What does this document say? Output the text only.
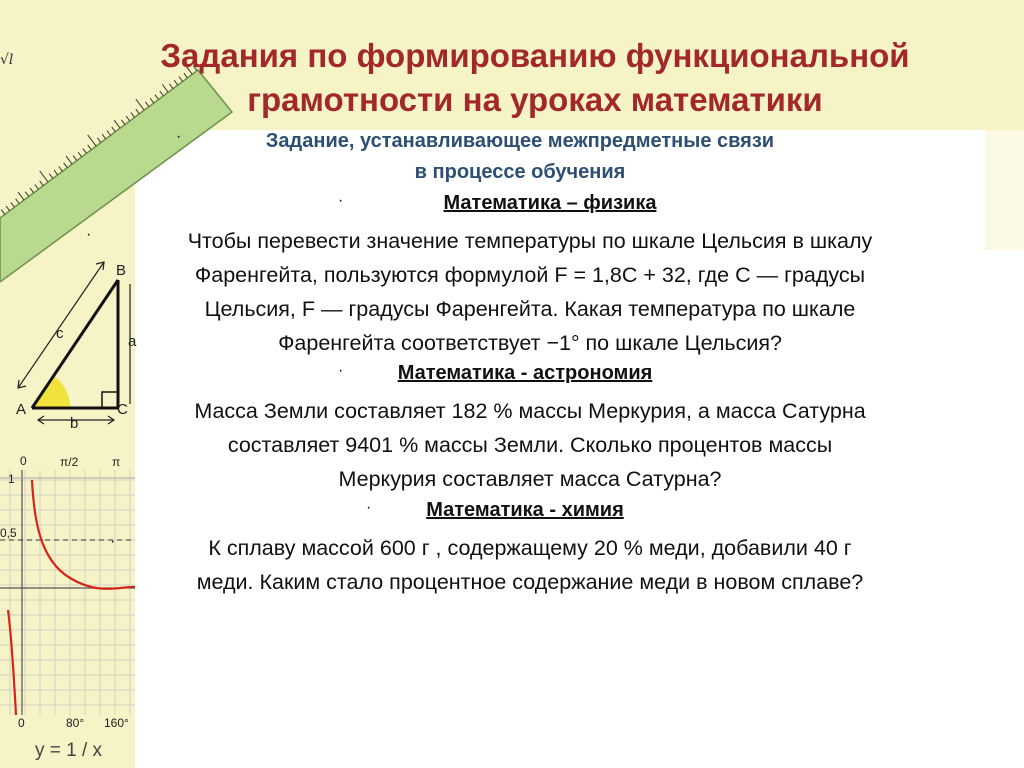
A
B
C
a
b
c
0	π/2	π
1
0,5
0	80° 160°
y = 1 / x
√l	Задания по формированию функциональной
грамотности на уроках математики
·	Задание, устанавливающее межпредметные связи
в процессе обучения
·	Математика – физика
·	Чтобы перевести значение температуры по шкале Цельсия в шкалу
Фаренгейта, пользуются формулой F = 1,8C + 32, где C — градусы
Цельсия, F — градусы Фаренгейта. Какая температура по шкале
Фаренгейта соответствует −1° по шкале Цельсия?
·	Математика - астрономия
Масса Земли составляет 182 % массы Меркурия, а масса Сатурна
составляет 9401 % массы Земли. Сколько процентов массы
Меркурия составляет масса Сатурна?
·	Математика - химия
·	К сплаву массой 600 г , содержащему 20 % меди, добавили 40 г
меди. Каким стало процентное содержание меди в новом сплаве?
